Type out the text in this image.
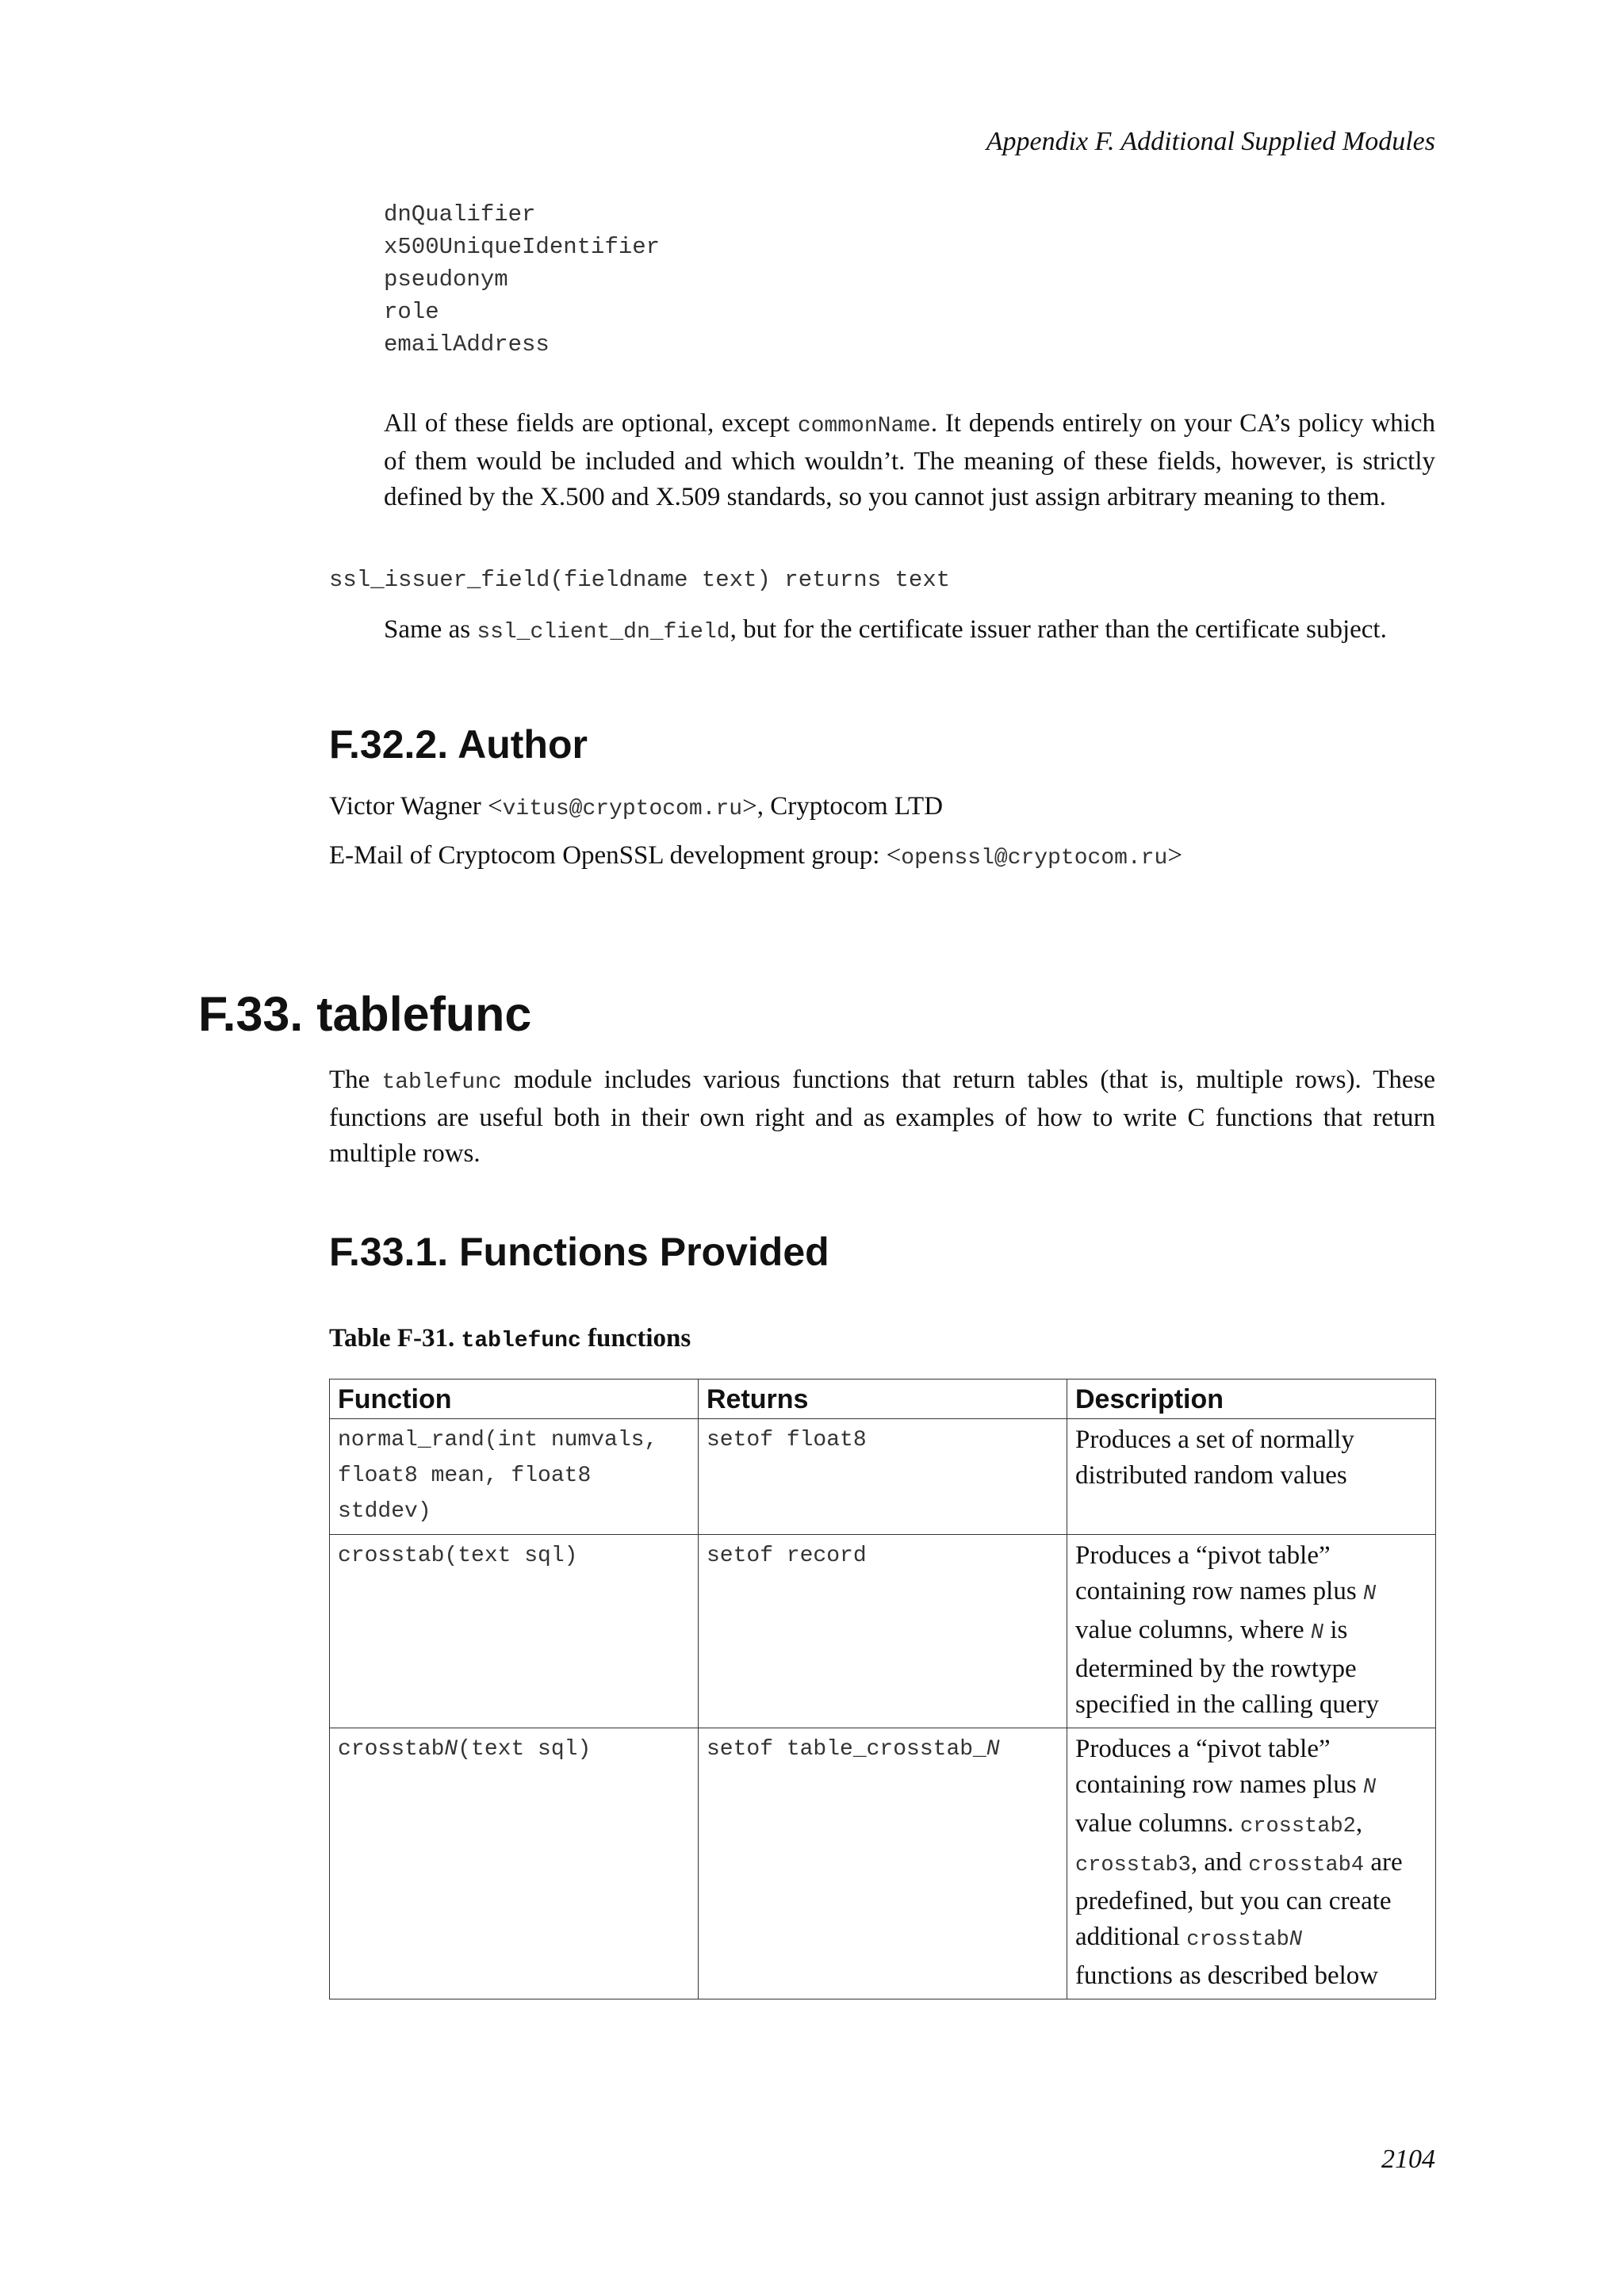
Appendix F. Additional Supplied Modules
dnQualifier
x500UniqueIdentifier
pseudonym
role
emailAddress
All of these fields are optional, except commonName. It depends entirely on your CA’s policy which of them would be included and which wouldn’t. The meaning of these fields, however, is strictly defined by the X.500 and X.509 standards, so you cannot just assign arbitrary meaning to them.
ssl_issuer_field(fieldname text) returns text
Same as ssl_client_dn_field, but for the certificate issuer rather than the certificate subject.
F.32.2. Author
Victor Wagner <vitus@cryptocom.ru>, Cryptocom LTD
E-Mail of Cryptocom OpenSSL development group: <openssl@cryptocom.ru>
F.33. tablefunc
The tablefunc module includes various functions that return tables (that is, multiple rows). These functions are useful both in their own right and as examples of how to write C functions that return multiple rows.
F.33.1. Functions Provided
Table F-31. tablefunc functions
Function	Returns	Description
normal_rand(int numvals, float8 mean, float8 stddev)	setof float8	Produces a set of normally distributed random values
crosstab(text sql)	setof record	Produces a “pivot table” containing row names plus N value columns, where N is determined by the rowtype specified in the calling query
crosstabN(text sql)	setof table_crosstab_N	Produces a “pivot table” containing row names plus N value columns. crosstab2, crosstab3, and crosstab4 are predefined, but you can create additional crosstabN functions as described below
2104
